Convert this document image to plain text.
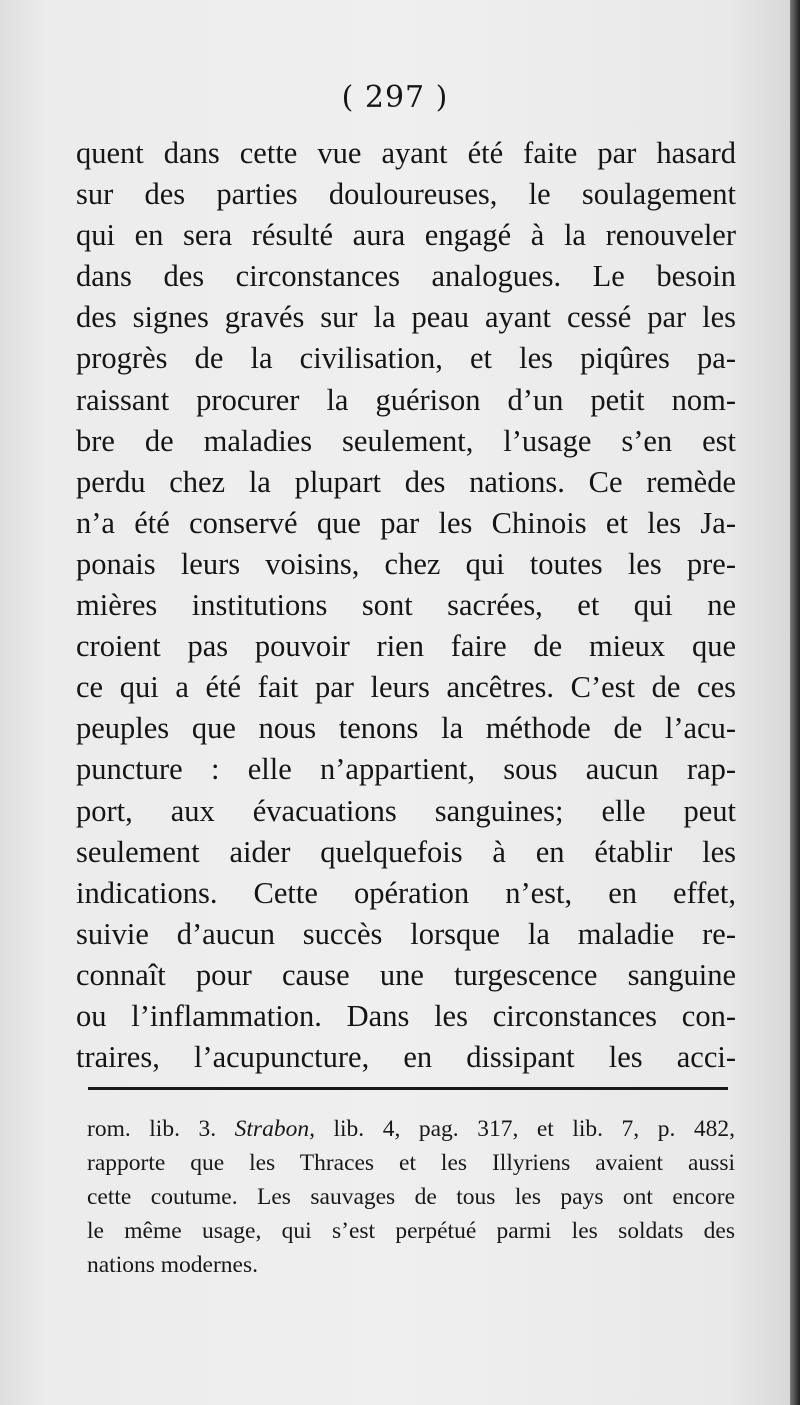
( 297 )
quent dans cette vue ayant été faite par hasard
sur des parties douloureuses, le soulagement
qui en sera résulté aura engagé à la renouveler
dans des circonstances analogues. Le besoin
des signes gravés sur la peau ayant cessé par les
progrès de la civilisation, et les piqûres pa-
raissant procurer la guérison d’un petit nom-
bre de maladies seulement, l’usage s’en est
perdu chez la plupart des nations. Ce remède
n’a été conservé que par les Chinois et les Ja-
ponais leurs voisins, chez qui toutes les pre-
mières institutions sont sacrées, et qui ne
croient pas pouvoir rien faire de mieux que
ce qui a été fait par leurs ancêtres. C’est de ces
peuples que nous tenons la méthode de l’acu-
puncture : elle n’appartient, sous aucun rap-
port, aux évacuations sanguines; elle peut
seulement aider quelquefois à en établir les
indications. Cette opération n’est, en effet,
suivie d’aucun succès lorsque la maladie re-
connaît pour cause une turgescence sanguine
ou l’inflammation. Dans les circonstances con-
traires, l’acupuncture, en dissipant les acci-
rom. lib. 3. Strabon, lib. 4, pag. 317, et lib. 7, p. 482,
rapporte que les Thraces et les Illyriens avaient aussi
cette coutume. Les sauvages de tous les pays ont encore
le même usage, qui s’est perpétué parmi les soldats des
nations modernes.
